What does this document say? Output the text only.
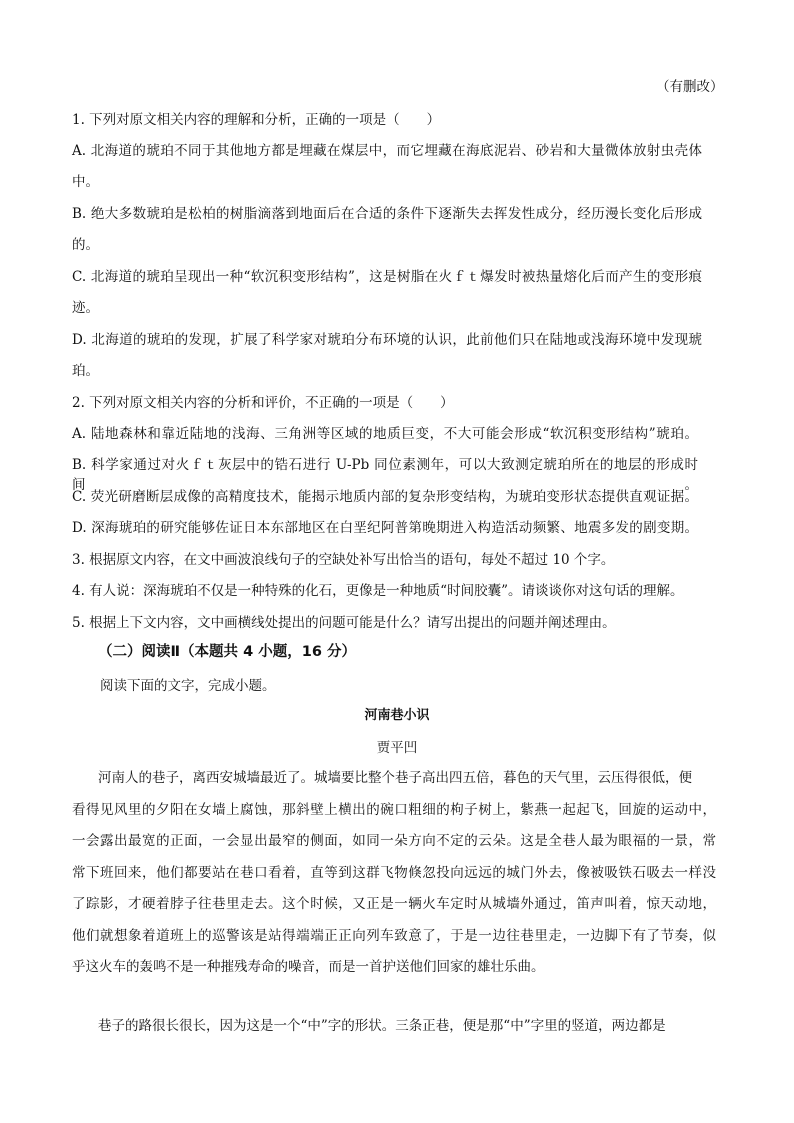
（有删改）
1. 下列对原文相关内容的理解和分析，正确的一项是（　　）
A. 北海道的琥珀不同于其他地方都是埋藏在煤层中，而它埋藏在海底泥岩、砂岩和大量微体放射虫壳体
中。
B. 绝大多数琥珀是松柏的树脂滴落到地面后在合适的条件下逐渐失去挥发性成分，经历漫长变化后形成
的。
C. 北海道的琥珀呈现出一种“软沉积变形结构”，这是树脂在火ｆｔ爆发时被热量熔化后而产生的变形痕
迹。
D. 北海道的琥珀的发现，扩展了科学家对琥珀分布环境的认识，此前他们只在陆地或浅海环境中发现琥
珀。
2. 下列对原文相关内容的分析和评价，不正确的一项是（　　）
A. 陆地森林和靠近陆地的浅海、三角洲等区域的地质巨变，不大可能会形成“软沉积变形结构”琥珀。
B. 科学家通过对火ｆｔ灰层中的锆石进行 U-Pb 同位素测年，可以大致测定琥珀所在的地层的形成时间。
C. 荧光研磨断层成像的高精度技术，能揭示地质内部的复杂形变结构，为琥珀变形状态提供直观证据。
D. 深海琥珀的研究能够佐证日本东部地区在白垩纪阿普第晚期进入构造活动频繁、地震多发的剧变期。
3. 根据原文内容，在文中画波浪线句子的空缺处补写出恰当的语句，每处不超过 10 个字。
4. 有人说：深海琥珀不仅是一种特殊的化石，更像是一种地质“时间胶囊”。请谈谈你对这句话的理解。
5. 根据上下文内容，文中画横线处提出的问题可能是什么？请写出提出的问题并阐述理由。
（二）阅读Ⅱ（本题共 4 小题，16 分）
阅读下面的文字，完成小题。
河南巷小识
贾平凹
河南人的巷子，离西安城墙最近了。城墙要比整个巷子高出四五倍，暮色的天气里，云压得很低，便
看得见风里的夕阳在女墙上腐蚀，那斜壁上横出的碗口粗细的枸子树上，紫燕一起起飞，回旋的运动中，
一会露出最宽的正面，一会显出最窄的侧面，如同一朵方向不定的云朵。这是全巷人最为眼福的一景，常
常下班回来，他们都要站在巷口看着，直等到这群飞物倏忽投向远远的城门外去，像被吸铁石吸去一样没
了踪影，才硬着脖子往巷里走去。这个时候，又正是一辆火车定时从城墙外通过，笛声叫着，惊天动地，
他们就想象着道班上的巡警该是站得端端正正向列车致意了，于是一边往巷里走，一边脚下有了节奏，似
乎这火车的轰鸣不是一种摧残寿命的噪音，而是一首护送他们回家的雄壮乐曲。
巷子的路很长很长，因为这是一个“中”字的形状。三条正巷，便是那“中”字里的竖道，两边都是
